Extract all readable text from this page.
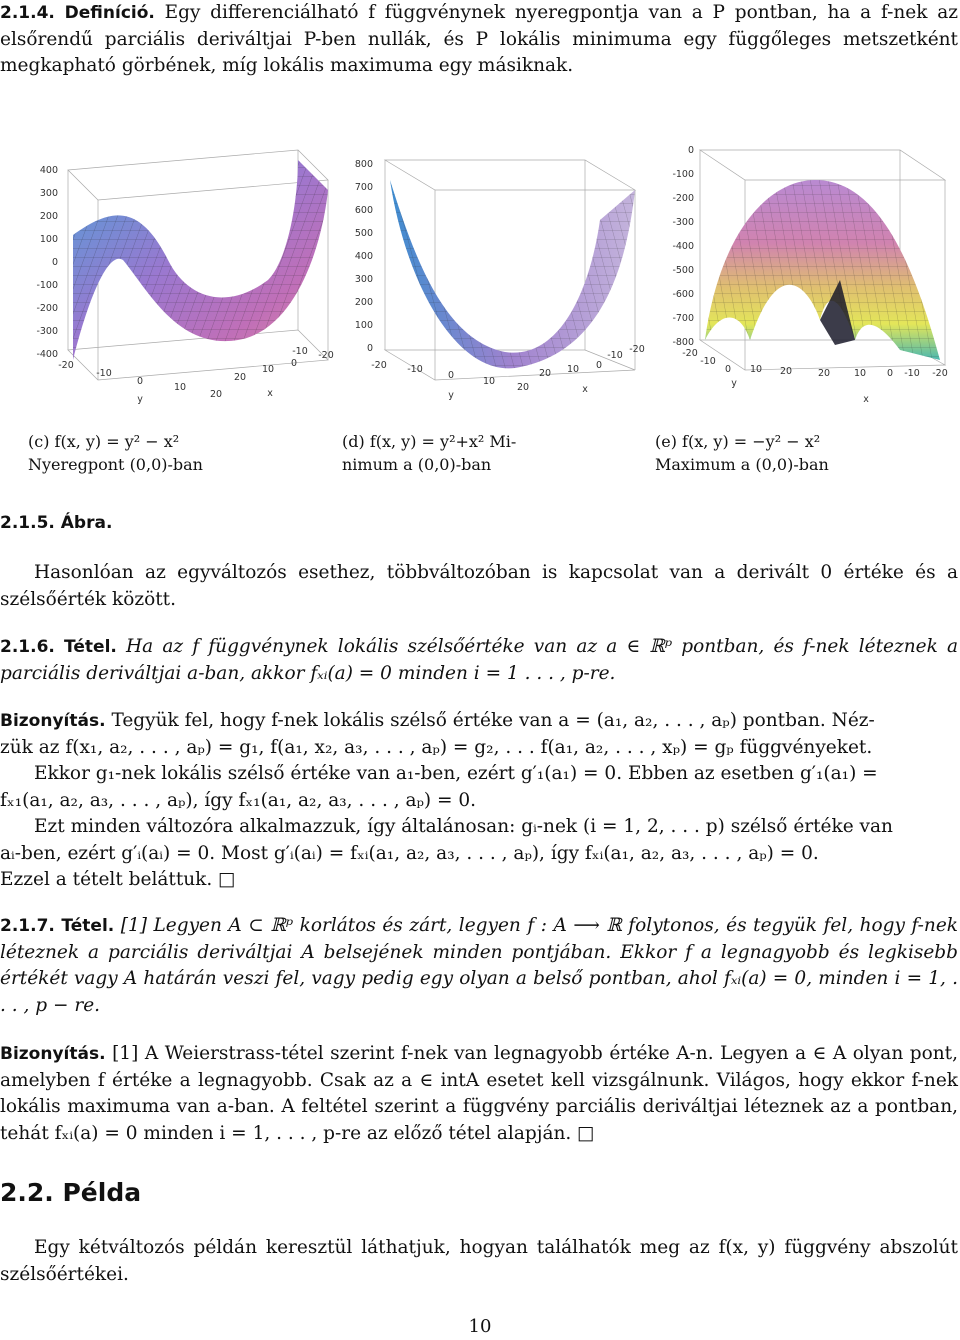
2.1.4. Definíció. Egy differenciálható f függvénynek nyeregpontja van a P pontban, ha a f-nek az elsőrendű parciális deriváltjai P-ben nullák, és P lokális minimuma egy függőleges metszetként megkapható görbének, míg lokális maximuma egy másiknak.
400
300
200
100
0
-100
-200
-300
-400
-20
-10
0
10
20
y
20
10
0
-10 -20
x
800
700
600
500
400
300
200
100
0
-20 -10
0
10
20
y
20 10 0
-10
-20
x
0
-100
-200
-300
-400
-500
-600
-700
-800
-20
-10
0 10 20
y
20	10 0 -10 -20
x
(c) f(x, y) = y² − x²
Nyeregpont (0,0)-ban
(d) f(x, y) = y²+x² Mi-
nimum a (0,0)-ban
(e) f(x, y) = −y² − x²
Maximum a (0,0)-ban
2.1.5. Ábra.
Hasonlóan az egyváltozós esethez, többváltozóban is kapcsolat van a derivált 0 értéke és a szélsőérték között.
2.1.6. Tétel. Ha az f függvénynek lokális szélsőértéke van az a ∈ ℝᵖ pontban, és f-nek léteznek a parciális deriváltjai a-ban, akkor fₓᵢ(a) = 0 minden i = 1 . . . , p-re.
Bizonyítás. Tegyük fel, hogy f-nek lokális szélső értéke van a = (a₁, a₂, . . . , aₚ) pontban. Néz-
zük az f(x₁, a₂, . . . , aₚ) = g₁, f(a₁, x₂, a₃, . . . , aₚ) = g₂, . . . f(a₁, a₂, . . . , xₚ) = gₚ függvényeket.
Ekkor g₁-nek lokális szélső értéke van a₁-ben, ezért g′₁(a₁) = 0. Ebben az esetben g′₁(a₁) =
fₓ₁(a₁, a₂, a₃, . . . , aₚ), így fₓ₁(a₁, a₂, a₃, . . . , aₚ) = 0.
Ezt minden változóra alkalmazzuk, így általánosan: gᵢ-nek (i = 1, 2, . . . p) szélső értéke van
aᵢ-ben, ezért g′ᵢ(aᵢ) = 0. Most g′ᵢ(aᵢ) = fₓᵢ(a₁, a₂, a₃, . . . , aₚ), így fₓᵢ(a₁, a₂, a₃, . . . , aₚ) = 0.
Ezzel a tételt beláttuk. □
2.1.7. Tétel. [1] Legyen A ⊂ ℝᵖ korlátos és zárt, legyen f : A ⟶ ℝ folytonos, és tegyük fel, hogy f-nek léteznek a parciális deriváltjai A belsejének minden pontjában. Ekkor f a legnagyobb és legkisebb értékét vagy A határán veszi fel, vagy pedig egy olyan a belső pontban, ahol fₓᵢ(a) = 0, minden i = 1, . . . , p − re.
Bizonyítás. [1] A Weierstrass-tétel szerint f-nek van legnagyobb értéke A-n. Legyen a ∈ A olyan pont, amelyben f értéke a legnagyobb. Csak az a ∈ intA esetet kell vizsgálnunk. Világos, hogy ekkor f-nek lokális maximuma van a-ban. A feltétel szerint a függvény parciális deriváltjai léteznek az a pontban, tehát fₓᵢ(a) = 0 minden i = 1, . . . , p-re az előző tétel alapján. □
2.2. Példa
Egy kétváltozós példán keresztül láthatjuk, hogyan találhatók meg az f(x, y) függvény abszolút szélsőértékei.
10
